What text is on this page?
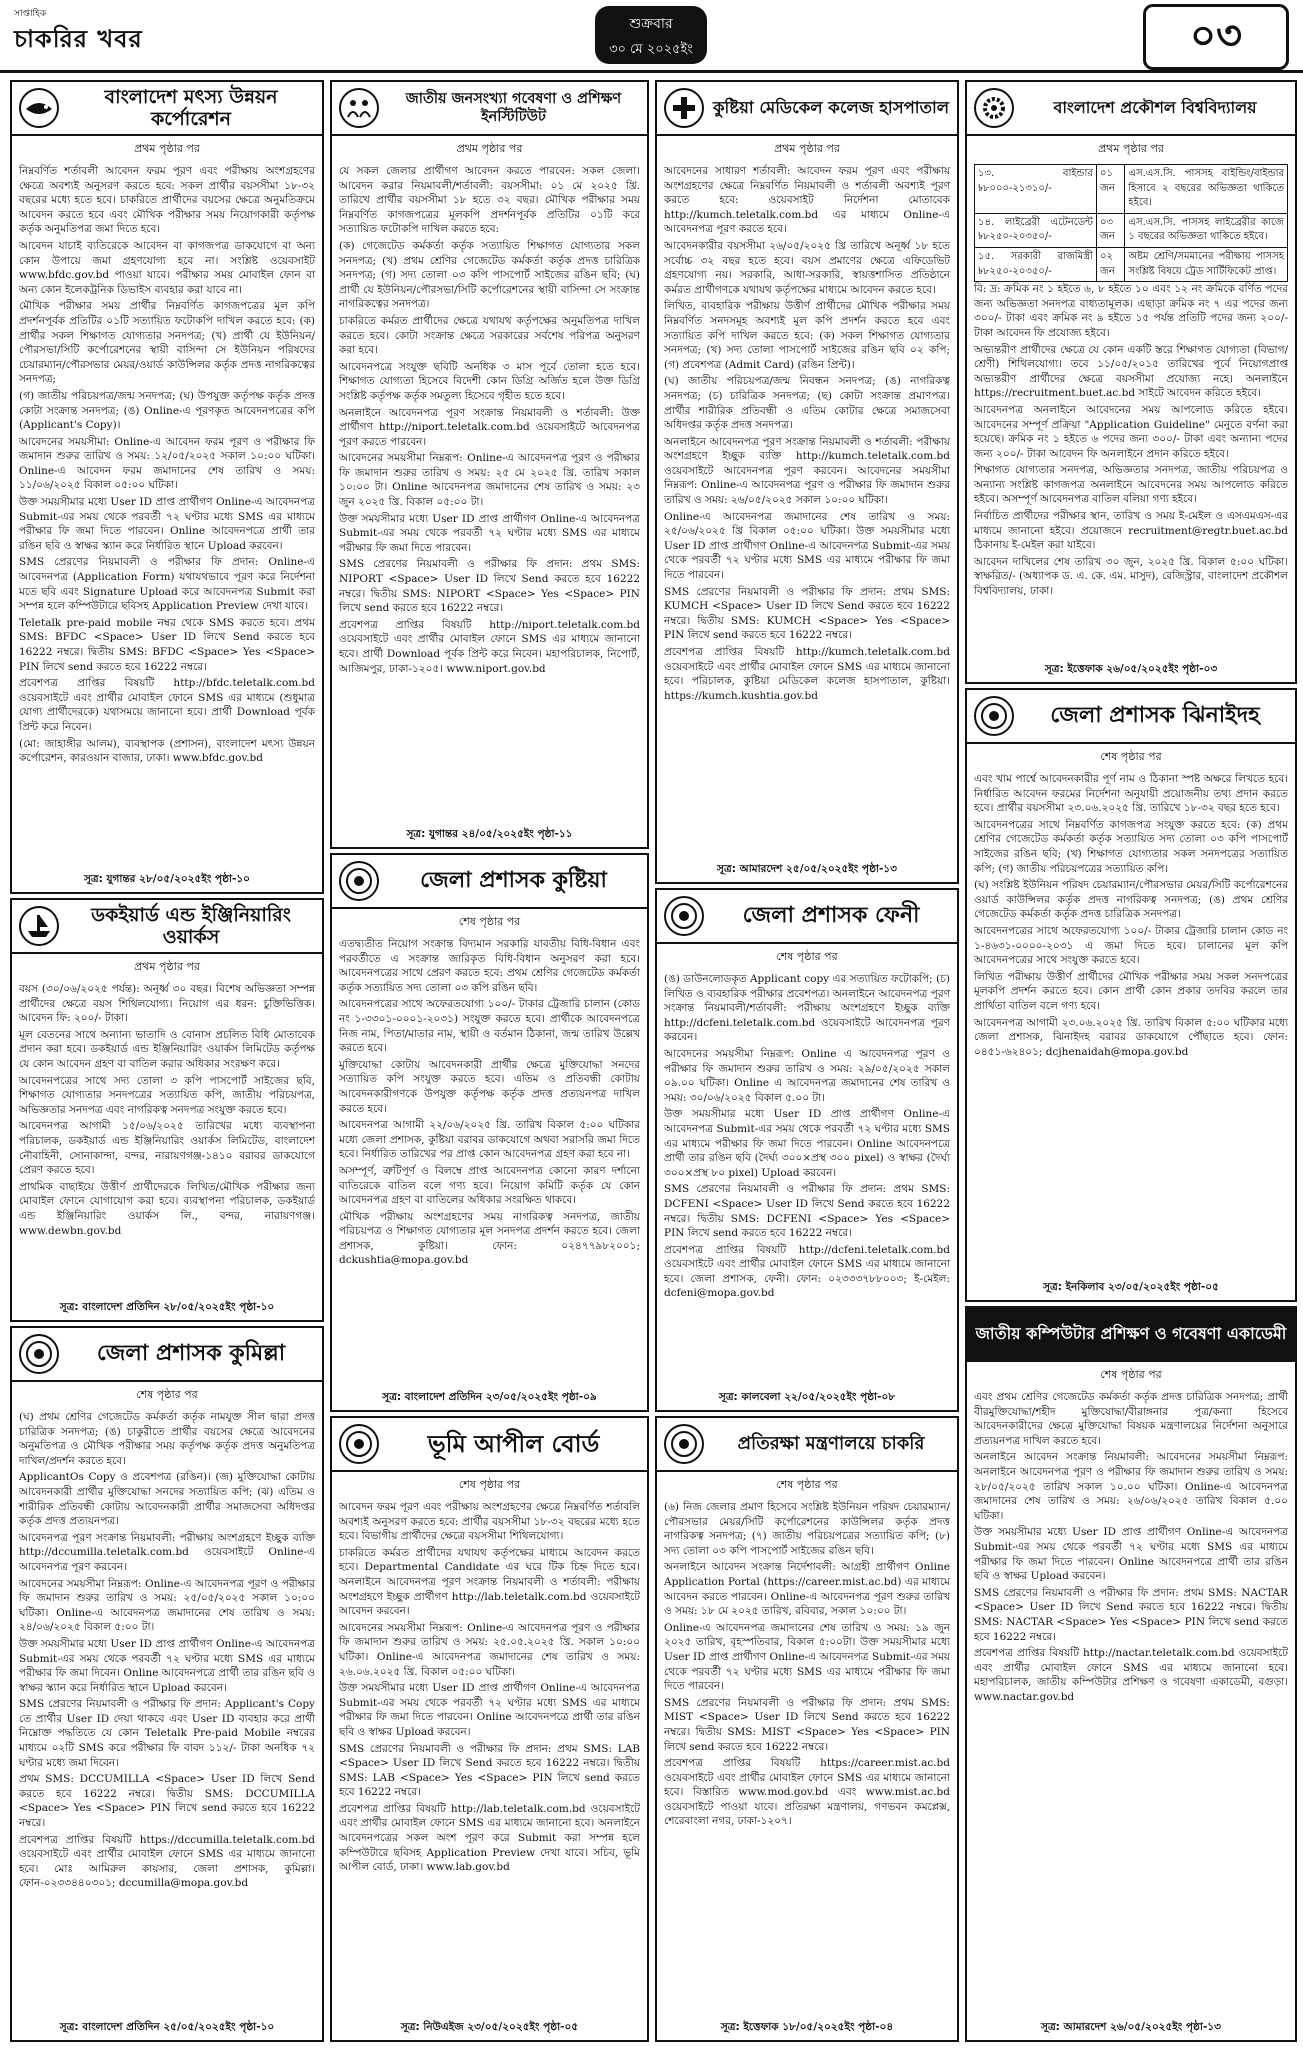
সাপ্তাহিক
চাকরির খবর
শুক্রবার
৩০ মে ২০২৫ইং	০৩
বাংলাদেশ মৎস্য উন্নয়ন কর্পোরেশন
প্রথম পৃষ্ঠার পর

নিম্নবর্ণিত শর্তাবলী আবেদন ফরম পূরণ এবং পরীক্ষায় অংশগ্রহণের ক্ষেত্রে অবশ্যই অনুসরণ করতে হবে: সকল প্রার্থীর বয়সসীমা ১৮-৩২ বছরের মধ্যে হতে হবে। চাকরিতে প্রার্থীদের বয়সের ক্ষেত্রে অনুমতিক্রমে আবেদন করতে হবে এবং মৌখিক পরীক্ষার সময় নিয়োগকারী কর্তৃপক্ষ কর্তৃক অনুমতিপত্র জমা দিতে হবে।

আবেদন যাচাই ব্যতিরেকে আবেদন বা কাগজপত্র ডাকযোগে বা অন্য কোন উপায়ে জমা গ্রহণযোগ্য হবে না। সংশ্লিষ্ট ওয়েবসাইট www.bfdc.gov.bd পাওয়া যাবে। পরীক্ষার সময় মোবাইল ফোন বা অন্য কোন ইলেকট্রনিক ডিভাইস ব্যবহার করা যাবে না।

মৌখিক পরীক্ষার সময় প্রার্থীর নিম্নবর্ণিত কাগজপত্রের মূল কপি প্রদর্শনপূর্বক প্রতিটির ০১টি সত্যায়িত ফটোকপি দাখিল করতে হবে: (ক) প্রার্থীর সকল শিক্ষাগত যোগ্যতার সনদপত্র; (খ) প্রার্থী যে ইউনিয়ন/পৌরসভা/সিটি কর্পোরেশনের স্থায়ী বাসিন্দা সে ইউনিয়ন পরিষদের চেয়ারম্যান/পৌরসভার মেয়র/ওয়ার্ড কাউন্সিলর কর্তৃক প্রদত্ত নাগরিকত্বের সনদপত্র;

(গ) জাতীয় পরিচয়পত্র/জন্ম সনদপত্র; (ঘ) উপযুক্ত কর্তৃপক্ষ কর্তৃক প্রদত্ত কোটা সংক্রান্ত সনদপত্র; (ঙ) Online-এ পূরণকৃত আবেদনপত্রের কপি (Applicant's Copy)।

আবেদনের সময়সীমা: Online-এ আবেদন ফরম পূরণ ও পরীক্ষার ফি জমাদান শুরুর তারিখ ও সময়: ১২/০৫/২০২৫ সকাল ১০:০০ ঘটিকা। Online-এ আবেদন ফরম জমাদানের শেষ তারিখ ও সময়: ১১/০৬/২০২৫ বিকাল ০৫:০০ ঘটিকা।

উক্ত সময়সীমার মধ্যে User ID প্রাপ্ত প্রার্থীগণ Online-এ আবেদনপত্র Submit-এর সময় থেকে পরবর্তী ৭২ ঘণ্টার মধ্যে SMS এর মাধ্যমে পরীক্ষার ফি জমা দিতে পারবেন। Online আবেদনপত্রে প্রার্থী তার রঙিন ছবি ও স্বাক্ষর স্ক্যান করে নির্ধারিত স্থানে Upload করবেন।

SMS প্রেরণের নিয়মাবলী ও পরীক্ষার ফি প্রদান: Online-এ আবেদনপত্র (Application Form) যথাযথভাবে পূরণ করে নির্দেশনা মতে ছবি এবং Signature Upload করে আবেদনপত্র Submit করা সম্পন্ন হলে কম্পিউটারে ছবিসহ Application Preview দেখা যাবে।

Teletalk pre-paid mobile নম্বর থেকে SMS করতে হবে। প্রথম SMS: BFDC <Space> User ID লিখে Send করতে হবে 16222 নম্বরে। দ্বিতীয় SMS: BFDC <Space> Yes <Space> PIN লিখে send করতে হবে 16222 নম্বরে।

প্রবেশপত্র প্রাপ্তির বিষয়টি http://bfdc.teletalk.com.bd ওয়েবসাইটে এবং প্রার্থীর মোবাইল ফোনে SMS এর মাধ্যমে (শুধুমাত্র যোগ্য প্রার্থীদেরকে) যথাসময়ে জানানো হবে। প্রার্থী Download পূর্বক প্রিন্ট করে নিবেন।

(মো: জাহাঙ্গীর আলম), ব্যবস্থাপক (প্রশাসন), বাংলাদেশ মৎস্য উন্নয়ন কর্পোরেশন, কারওয়ান বাজার, ঢাকা। www.bfdc.gov.bd

সূত্র: যুগান্তর ২৮/০৫/২০২৫ইং পৃষ্ঠা-১০
ডকইয়ার্ড এন্ড ইঞ্জিনিয়ারিং ওয়ার্কস
প্রথম পৃষ্ঠার পর

বয়স (৩০/০৬/২০২৫ পর্যন্ত): অনূর্ধ্ব ৩০ বছর। বিশেষ অভিজ্ঞতা সম্পন্ন প্রার্থীদের ক্ষেত্রে বয়স শিথিলযোগ্য। নিয়োগ এর ধরন: চুক্তিভিত্তিক। আবেদন ফি: ২০০/- টাকা।

মূল বেতনের সাথে অন্যান্য ভাতাদি ও বোনাস প্রচলিত বিধি মোতাবেক প্রদান করা হবে। ডকইয়ার্ড এন্ড ইঞ্জিনিয়ারিং ওয়ার্কস লিমিটেড কর্তৃপক্ষ যে কোন আবেদন গ্রহণ বা বাতিল করার অধিকার সংরক্ষণ করে।

আবেদনপত্রের সাথে সদ্য তোলা ৩ কপি পাসপোর্ট সাইজের ছবি, শিক্ষাগত যোগ্যতার সনদপত্রের সত্যায়িত কপি, জাতীয় পরিচয়পত্র, অভিজ্ঞতার সনদপত্র এবং নাগরিকত্ব সনদপত্র সংযুক্ত করতে হবে।

আবেদনপত্র আগামী ১৫/০৬/২০২৫ তারিখের মধ্যে ব্যবস্থাপনা পরিচালক, ডকইয়ার্ড এন্ড ইঞ্জিনিয়ারিং ওয়ার্কস লিমিটেড, বাংলাদেশ নৌবাহিনী, সোনাকান্দা, বন্দর, নারায়ণগঞ্জ-১৪১০ বরাবর ডাকযোগে প্রেরণ করতে হবে।

প্রাথমিক বাছাইয়ে উত্তীর্ণ প্রার্থীদেরকে লিখিত/মৌখিক পরীক্ষার জন্য মোবাইল ফোনে যোগাযোগ করা হবে। ব্যবস্থাপনা পরিচালক, ডকইয়ার্ড এন্ড ইঞ্জিনিয়ারিং ওয়ার্কস লি., বন্দর, নারায়ণগঞ্জ। www.dewbn.gov.bd

সূত্র: বাংলাদেশ প্রতিদিন ২৮/০৫/২০২৫ইং পৃষ্ঠা-১০
জেলা প্রশাসক কুমিল্লা
শেষ পৃষ্ঠার পর

(ঘ) প্রথম শ্রেণির গেজেটেড কর্মকর্তা কর্তৃক নামযুক্ত সীল দ্বারা প্রদত্ত চারিত্রিক সনদপত্র; (ঙ) চাকুরীতে প্রার্থীর বয়সের ক্ষেত্রে আবেদনের অনুমতিপত্র ও মৌখিক পরীক্ষার সময় কর্তৃপক্ষ কর্তৃক প্রদত্ত অনুমতিপত্র দাখিল/প্রদর্শন করতে হবে।

ApplicantOs Copy ও প্রবেশপত্র (রঙিন)। (জ) মুক্তিযোদ্ধা কোটায় আবেদনকারী প্রার্থীর মুক্তিযোদ্ধা সনদের সত্যায়িত কপি; (ঝ) এতিম ও শারীরিক প্রতিবন্ধী কোটায় আবেদনকারী প্রার্থীর সমাজসেবা অধিদপ্তর কর্তৃক প্রদত্ত প্রত্যয়নপত্র।

আবেদনপত্র পূরণ সংক্রান্ত নিয়মাবলী: পরীক্ষায় অংশগ্রহণে ইচ্ছুক ব্যক্তি http://dccumilla.teletalk.com.bd ওয়েবসাইটে Online-এ আবেদনপত্র পূরণ করবেন।

আবেদনের সময়সীমা নিম্নরূপ: Online-এ আবেদনপত্র পূরণ ও পরীক্ষার ফি জমাদান শুরুর তারিখ ও সময়: ২৫/০৫/২০২৫ সকাল ১০:০০ ঘটিকা। Online-এ আবেদনপত্র জমাদানের শেষ তারিখ ও সময়: ২৪/০৬/২০২৫ বিকাল ৫:০০ টা।

উক্ত সময়সীমার মধ্যে User ID প্রাপ্ত প্রার্থীগণ Online-এ আবেদনপত্র Submit-এর সময় থেকে পরবর্তী ৭২ ঘণ্টার মধ্যে SMS এর মাধ্যমে পরীক্ষার ফি জমা দিবেন। Online আবেদনপত্রে প্রার্থী তার রঙিন ছবি ও স্বাক্ষর স্ক্যান করে নির্ধারিত স্থানে Upload করবেন।

SMS প্রেরণের নিয়মাবলী ও পরীক্ষার ফি প্রদান: Applicant's Copy তে প্রার্থীর User ID দেয়া থাকবে এবং User ID ব্যবহার করে প্রার্থী নিম্নোক্ত পদ্ধতিতে যে কোন Teletalk Pre-paid Mobile নম্বরের মাধ্যমে ০২টি SMS করে পরীক্ষার ফি বাবদ ১১২/- টাকা অনধিক ৭২ ঘণ্টার মধ্যে জমা দিবেন।

প্রথম SMS: DCCUMILLA <Space> User ID লিখে Send করতে হবে 16222 নম্বরে। দ্বিতীয় SMS: DCCUMILLA <Space> Yes <Space> PIN লিখে send করতে হবে 16222 নম্বরে।

প্রবেশপত্র প্রাপ্তির বিষয়টি https://dccumilla.teletalk.com.bd ওয়েবসাইটে এবং প্রার্থীর মোবাইল ফোনে SMS এর মাধ্যমে জানানো হবে। মোঃ আমিরুল কায়সার, জেলা প্রশাসক, কুমিল্লা। ফোন-০২৩৩৪৪০৩০১; dccumilla@mopa.gov.bd

সূত্র: বাংলাদেশ প্রতিদিন ২৫/০৫/২০২৫ইং পৃষ্ঠা-১০
জাতীয় জনসংখ্যা গবেষণা ও প্রশিক্ষণ ইনস্টিটিউট
প্রথম পৃষ্ঠার পর

যে সকল জেলার প্রার্থীগণ আবেদন করতে পারবেন: সকল জেলা। আবেদন করার নিয়মাবলী/শর্তাবলী: বয়সসীমা: ০১ মে ২০২৫ খ্রি. তারিখে প্রার্থীর বয়সসীমা ১৮ হতে ৩২ বছর। মৌখিক পরীক্ষার সময় নিম্নবর্ণিত কাগজপত্রের মূলকপি প্রদর্শনপূর্বক প্রতিটির ০১টি করে সত্যায়িত ফটোকপি দাখিল করতে হবে:

(ক) গেজেটেড কর্মকর্তা কর্তৃক সত্যায়িত শিক্ষাগত যোগ্যতার সকল সনদপত্র; (খ) প্রথম শ্রেণির গেজেটেড কর্মকর্তা কর্তৃক প্রদত্ত চারিত্রিক সনদপত্র; (গ) সদ্য তোলা ০৩ কপি পাসপোর্ট সাইজের রঙিন ছবি; (ঘ) প্রার্থী যে ইউনিয়ন/পৌরসভা/সিটি কর্পোরেশনের স্থায়ী বাসিন্দা সে সংক্রান্ত নাগরিকত্বের সনদপত্র।

চাকরিতে কর্মরত প্রার্থীদের ক্ষেত্রে যথাযথ কর্তৃপক্ষের অনুমতিপত্র দাখিল করতে হবে। কোটা সংক্রান্ত ক্ষেত্রে সরকারের সর্বশেষ পরিপত্র অনুসরণ করা হবে।

আবেদনপত্রে সংযুক্ত ছবিটি অনধিক ৩ মাস পূর্বে তোলা হতে হবে। শিক্ষাগত যোগ্যতা হিসেবে বিদেশী কোন ডিগ্রি অর্জিত হলে উক্ত ডিগ্রি সংশ্লিষ্ট কর্তৃপক্ষ কর্তৃক সমতুল্য হিসেবে গৃহীত হতে হবে।

অনলাইনে আবেদনপত্র পূরণ সংক্রান্ত নিয়মাবলী ও শর্তাবলী: উক্ত প্রার্থীগণ http://niport.teletalk.com.bd ওয়েবসাইটে আবেদনপত্র পূরণ করতে পারবেন।

আবেদনের সময়সীমা নিম্নরূপ: Online-এ আবেদনপত্র পূরণ ও পরীক্ষার ফি জমাদান শুরুর তারিখ ও সময়: ২৫ মে ২০২৫ খ্রি. তারিখ সকাল ১০:০০ টা। Online আবেদনপত্র জমাদানের শেষ তারিখ ও সময়: ২৩ জুন ২০২৫ খ্রি. বিকাল ০৫:০০ টা।

উক্ত সময়সীমার মধ্যে User ID প্রাপ্ত প্রার্থীগণ Online-এ আবেদনপত্র Submit-এর সময় থেকে পরবর্তী ৭২ ঘণ্টার মধ্যে SMS এর মাধ্যমে পরীক্ষার ফি জমা দিতে পারবেন।

SMS প্রেরণের নিয়মাবলী ও পরীক্ষার ফি প্রদান: প্রথম SMS: NIPORT <Space> User ID লিখে Send করতে হবে 16222 নম্বরে। দ্বিতীয় SMS: NIPORT <Space> Yes <Space> PIN লিখে send করতে হবে 16222 নম্বরে।

প্রবেশপত্র প্রাপ্তির বিষয়টি http://niport.teletalk.com.bd ওয়েবসাইটে এবং প্রার্থীর মোবাইল ফোনে SMS এর মাধ্যমে জানানো হবে। প্রার্থী Download পূর্বক প্রিন্ট করে নিবেন। মহাপরিচালক, নিপোর্ট, আজিমপুর, ঢাকা-১২০৫। www.niport.gov.bd

সূত্র: যুগান্তর ২৪/০৫/২০২৫ইং পৃষ্ঠা-১১
জেলা প্রশাসক কুষ্টিয়া
শেষ পৃষ্ঠার পর

এতদ্ব্যতীত নিয়োগ সংক্রান্ত বিদ্যমান সরকারি যাবতীয় বিধি-বিধান এবং পরবর্তীতে এ সংক্রান্ত জারিকৃত বিধি-বিধান অনুসরণ করা হবে। আবেদনপত্রের সাথে প্রেরণ করতে হবে: প্রথম শ্রেণির গেজেটেড কর্মকর্তা কর্তৃক সত্যায়িত সদ্য তোলা ০৩ কপি রঙিন ছবি।

আবেদনপত্রের সাথে অফেরতযোগ্য ১০০/- টাকার ট্রেজারি চালান (কোড নং ১-৩৩০১-০০০১-২০৩১) সংযুক্ত করতে হবে। প্রার্থীকে আবেদনপত্রে নিজ নাম, পিতা/মাতার নাম, স্থায়ী ও বর্তমান ঠিকানা, জন্ম তারিখ উল্লেখ করতে হবে।

মুক্তিযোদ্ধা কোটায় আবেদনকারী প্রার্থীর ক্ষেত্রে মুক্তিযোদ্ধা সনদের সত্যায়িত কপি সংযুক্ত করতে হবে। এতিম ও প্রতিবন্ধী কোটায় আবেদনকারীগণকে উপযুক্ত কর্তৃপক্ষ কর্তৃক প্রদত্ত প্রত্যয়নপত্র দাখিল করতে হবে।

আবেদনপত্র আগামী ২২/০৬/২০২৫ খ্রি. তারিখ বিকাল ৫:০০ ঘটিকার মধ্যে জেলা প্রশাসক, কুষ্টিয়া বরাবর ডাকযোগে অথবা সরাসরি জমা দিতে হবে। নির্ধারিত তারিখের পর প্রাপ্ত কোন আবেদনপত্র গ্রহণ করা হবে না।

অসম্পূর্ণ, ত্রুটিপূর্ণ ও বিলম্বে প্রাপ্ত আবেদনপত্র কোনো কারণ দর্শানো ব্যতিরেকে বাতিল বলে গণ্য হবে। নিয়োগ কমিটি কর্তৃক যে কোন আবেদনপত্র গ্রহণ বা বাতিলের অধিকার সংরক্ষিত থাকবে।

মৌখিক পরীক্ষায় অংশগ্রহণের সময় নাগরিকত্ব সনদপত্র, জাতীয় পরিচয়পত্র ও শিক্ষাগত যোগ্যতার মূল সনদপত্র প্রদর্শন করতে হবে। জেলা প্রশাসক, কুষ্টিয়া। ফোন: ০২৪৭৭৯৮২০০১; dckushtia@mopa.gov.bd

সূত্র: বাংলাদেশ প্রতিদিন ২৩/০৫/২০২৫ইং পৃষ্ঠা-০৯
ভূমি আপীল বোর্ড
শেষ পৃষ্ঠার পর

আবেদন ফরম পূরণ এবং পরীক্ষায় অংশগ্রহণের ক্ষেত্রে নিম্নবর্ণিত শর্তাবলি অবশ্যই অনুসরণ করতে হবে: প্রার্থীর বয়সসীমা ১৮-৩২ বছরের মধ্যে হতে হবে। বিভাগীয় প্রার্থীদের ক্ষেত্রে বয়সসীমা শিথিলযোগ্য।

চাকরিতে কর্মরত প্রার্থীদের যথাযথ কর্তৃপক্ষের মাধ্যমে আবেদন করতে হবে। Departmental Candidate এর ঘরে টিক চিহ্ন দিতে হবে। অনলাইনে আবেদনপত্র পূরণ সংক্রান্ত নিয়মাবলী ও শর্তাবলী: পরীক্ষায় অংশগ্রহণে ইচ্ছুক প্রার্থীগণ http://lab.teletalk.com.bd ওয়েবসাইটে আবেদন করবেন।

আবেদনের সময়সীমা নিম্নরূপ: Online-এ আবেদনপত্র পূরণ ও পরীক্ষার ফি জমাদান শুরুর তারিখ ও সময়: ২৫.০৫.২০২৫ খ্রি. সকাল ১০:০০ ঘটিকা। Online-এ আবেদনপত্র জমাদানের শেষ তারিখ ও সময়: ২৬.০৬.২০২৫ খ্রি. বিকাল ০৫:০০ ঘটিকা।

উক্ত সময়সীমার মধ্যে User ID প্রাপ্ত প্রার্থীগণ Online-এ আবেদনপত্র Submit-এর সময় থেকে পরবর্তী ৭২ ঘণ্টার মধ্যে SMS এর মাধ্যমে পরীক্ষার ফি জমা দিতে পারবেন। Online আবেদনপত্রে প্রার্থী তার রঙিন ছবি ও স্বাক্ষর Upload করবেন।

SMS প্রেরণের নিয়মাবলী ও পরীক্ষার ফি প্রদান: প্রথম SMS: LAB <Space> User ID লিখে Send করতে হবে 16222 নম্বরে। দ্বিতীয় SMS: LAB <Space> Yes <Space> PIN লিখে send করতে হবে 16222 নম্বরে।

প্রবেশপত্র প্রাপ্তির বিষয়টি http://lab.teletalk.com.bd ওয়েবসাইটে এবং প্রার্থীর মোবাইল ফোনে SMS এর মাধ্যমে জানানো হবে। অনলাইনে আবেদনপত্রের সকল অংশ পূরণ করে Submit করা সম্পন্ন হলে কম্পিউটারে ছবিসহ Application Preview দেখা যাবে। সচিব, ভূমি আপীল বোর্ড, ঢাকা। www.lab.gov.bd

সূত্র: নিউএইজ ২৩/০৫/২০২৫ইং পৃষ্ঠা-০৫
কুষ্টিয়া মেডিকেল কলেজ হাসপাতাল
প্রথম পৃষ্ঠার পর

আবেদনের সাধারণ শর্তাবলী: আবেদন ফরম পূরণ এবং পরীক্ষায় অংশগ্রহণের ক্ষেত্রে নিম্নবর্ণিত নিয়মাবলী ও শর্তাবলী অবশ্যই পূরণ করতে হবে: ওয়েবসাইট নির্দেশনা মোতাবেক http://kumch.teletalk.com.bd এর মাধ্যমে Online-এ আবেদনপত্র পূরণ করতে হবে।

আবেদনকারীর বয়সসীমা ২৬/০৫/২০২৫ খ্রি তারিখে অনূর্ধ্ব ১৮ হতে সর্বোচ্চ ৩২ বছর হতে হবে। বয়স প্রমাণের ক্ষেত্রে এফিডেভিট গ্রহণযোগ্য নয়। সরকারি, আধা-সরকারি, স্বায়ত্তশাসিত প্রতিষ্ঠানে কর্মরত প্রার্থীগণকে যথাযথ কর্তৃপক্ষের মাধ্যমে আবেদন করতে হবে।

লিখিত, ব্যবহারিক পরীক্ষায় উত্তীর্ণ প্রার্থীদের মৌখিক পরীক্ষার সময় নিম্নবর্ণিত সনদসমূহ অবশ্যই মূল কপি প্রদর্শন করতে হবে এবং সত্যায়িত কপি দাখিল করতে হবে: (ক) সকল শিক্ষাগত যোগ্যতার সনদপত্র; (খ) সদ্য তোলা পাসপোর্ট সাইজের রঙিন ছবি ০২ কপি; (গ) প্রবেশপত্র (Admit Card) (রঙিন প্রিন্ট)।

(ঘ) জাতীয় পরিচয়পত্র/জন্ম নিবন্ধন সনদপত্র; (ঙ) নাগরিকত্ব সনদপত্র; (চ) চারিত্রিক সনদপত্র; (ছ) কোটা সংক্রান্ত প্রমাণপত্র। প্রার্থীর শারীরিক প্রতিবন্ধী ও এতিম কোটার ক্ষেত্রে সমাজসেবা অধিদপ্তর কর্তৃক প্রদত্ত সনদপত্র।

অনলাইনে আবেদনপত্র পূরণ সংক্রান্ত নিয়মাবলী ও শর্তাবলী: পরীক্ষায় অংশগ্রহণে ইচ্ছুক ব্যক্তি http://kumch.teletalk.com.bd ওয়েবসাইটে আবেদনপত্র পূরণ করবেন। আবেদনের সময়সীমা নিম্নরূপ: Online-এ আবেদনপত্র পূরণ ও পরীক্ষার ফি জমাদান শুরুর তারিখ ও সময়: ২৬/০৫/২০২৫ সকাল ১০:০০ ঘটিকা।

Online-এ আবেদনপত্র জমাদানের শেষ তারিখ ও সময়: ২৫/০৬/২০২৫ খ্রি বিকাল ০৫:০০ ঘটিকা। উক্ত সময়সীমার মধ্যে User ID প্রাপ্ত প্রার্থীগণ Online-এ আবেদনপত্র Submit-এর সময় থেকে পরবর্তী ৭২ ঘণ্টার মধ্যে SMS এর মাধ্যমে পরীক্ষার ফি জমা দিতে পারবেন।

SMS প্রেরণের নিয়মাবলী ও পরীক্ষার ফি প্রদান: প্রথম SMS: KUMCH <Space> User ID লিখে Send করতে হবে 16222 নম্বরে। দ্বিতীয় SMS: KUMCH <Space> Yes <Space> PIN লিখে send করতে হবে 16222 নম্বরে।

প্রবেশপত্র প্রাপ্তির বিষয়টি http://kumch.teletalk.com.bd ওয়েবসাইটে এবং প্রার্থীর মোবাইল ফোনে SMS এর মাধ্যমে জানানো হবে। পরিচালক, কুষ্টিয়া মেডিকেল কলেজ হাসপাতাল, কুষ্টিয়া। https://kumch.kushtia.gov.bd

সূত্র: আমারদেশ ২৫/০৫/২০২৫ইং পৃষ্ঠা-১৩
জেলা প্রশাসক ফেনী
শেষ পৃষ্ঠার পর

(ঙ) ডাউনলোডকৃত Applicant copy এর সত্যায়িত ফটোকপি; (চ) লিখিত ও ব্যবহারিক পরীক্ষার প্রবেশপত্র। অনলাইনে আবেদনপত্র পূরণ সংক্রান্ত নিয়মাবলী/শর্তাবলী: পরীক্ষায় অংশগ্রহণে ইচ্ছুক ব্যক্তি http://dcfeni.teletalk.com.bd ওয়েবসাইটে আবেদনপত্র পূরণ করবেন।

আবেদনের সময়সীমা নিম্নরূপ: Online এ আবেদনপত্র পূরণ ও পরীক্ষার ফি জমাদান শুরুর তারিখ ও সময়: ২৯/০৫/২০২৫ সকাল ০৯.০০ ঘটিকা। Online এ আবেদনপত্র জমাদানের শেষ তারিখ ও সময়: ৩০/০৬/২০২৫ বিকাল ৫.০০ টা।

উক্ত সময়সীমার মধ্যে User ID প্রাপ্ত প্রার্থীগণ Online-এ আবেদনপত্র Submit-এর সময় থেকে পরবর্তী ৭২ ঘণ্টার মধ্যে SMS এর মাধ্যমে পরীক্ষার ফি জমা দিতে পারবেন। Online আবেদনপত্রে প্রার্থী তার রঙিন ছবি (দৈর্ঘ্য ৩০০×প্রস্থ ৩০০ pixel) ও স্বাক্ষর (দৈর্ঘ্য ৩০০×প্রস্থ ৮০ pixel) Upload করবেন।

SMS প্রেরণের নিয়মাবলী ও পরীক্ষার ফি প্রদান: প্রথম SMS: DCFENI <Space> User ID লিখে Send করতে হবে 16222 নম্বরে। দ্বিতীয় SMS: DCFENI <Space> Yes <Space> PIN লিখে send করতে হবে 16222 নম্বরে।

প্রবেশপত্র প্রাপ্তির বিষয়টি http://dcfeni.teletalk.com.bd ওয়েবসাইটে এবং প্রার্থীর মোবাইল ফোনে SMS এর মাধ্যমে জানানো হবে। জেলা প্রশাসক, ফেনী। ফোন: ০২৩৩৩৭৮৮০০৩; ই-মেইল: dcfeni@mopa.gov.bd

সূত্র: কালবেলা ২২/০৫/২০২৫ইং পৃষ্ঠা-০৮
প্রতিরক্ষা মন্ত্রণালয়ে চাকরি
শেষ পৃষ্ঠার পর

(৬) নিজ জেলার প্রমাণ হিসেবে সংশ্লিষ্ট ইউনিয়ন পরিষদ চেয়ারম্যান/পৌরসভার মেয়র/সিটি কর্পোরেশনের কাউন্সিলর কর্তৃক প্রদত্ত নাগরিকত্ব সনদপত্র; (৭) জাতীয় পরিচয়পত্রের সত্যায়িত কপি; (৮) সদ্য তোলা ০৩ কপি পাসপোর্ট সাইজের রঙিন ছবি।

অনলাইনে আবেদন সংক্রান্ত নির্দেশাবলী: আগ্রহী প্রার্থীগণ Online Application Portal (https://career.mist.ac.bd) এর মাধ্যমে আবেদন করতে পারবেন। Online-এ আবেদনপত্র পূরণ শুরুর তারিখ ও সময়: ১৮ মে ২০২৫ তারিখ, রবিবার, সকাল ১০:০০ টা।

Online-এ আবেদনপত্র জমাদানের শেষ তারিখ ও সময়: ১৯ জুন ২০২৫ তারিখ, বৃহস্পতিবার, বিকাল ৫:০০টা। উক্ত সময়সীমার মধ্যে User ID প্রাপ্ত প্রার্থীগণ Online-এ আবেদনপত্র Submit-এর সময় থেকে পরবর্তী ৭২ ঘণ্টার মধ্যে SMS এর মাধ্যমে পরীক্ষার ফি জমা দিতে পারবেন।

SMS প্রেরণের নিয়মাবলী ও পরীক্ষার ফি প্রদান: প্রথম SMS: MIST <Space> User ID লিখে Send করতে হবে 16222 নম্বরে। দ্বিতীয় SMS: MIST <Space> Yes <Space> PIN লিখে send করতে হবে 16222 নম্বরে।

প্রবেশপত্র প্রাপ্তির বিষয়টি https://career.mist.ac.bd ওয়েবসাইটে এবং প্রার্থীর মোবাইল ফোনে SMS এর মাধ্যমে জানানো হবে। বিস্তারিত www.mod.gov.bd এবং www.mist.ac.bd ওয়েবসাইটে পাওয়া যাবে। প্রতিরক্ষা মন্ত্রণালয়, গণভবন কমপ্লেক্স, শেরেবাংলা নগর, ঢাকা-১২০৭।

সূত্র: ইত্তেফাক ১৮/০৫/২০২৫ইং পৃষ্ঠা-০৪
বাংলাদেশ প্রকৌশল বিশ্ববিদ্যালয়
প্রথম পৃষ্ঠার পর
১৩. বাইন্ডার ৳৮০০০-২১৩১০/-	০১ জন	এস.এস.সি. পাসসহ বাইন্ডিং/বাইন্ডার হিসাবে ২ বছরের অভিজ্ঞতা থাকিতে হইবে।
১৪. লাইব্রেরী এটেনডেন্ট ৳৮২৫০-২০৩৫০/-	০৩ জন	এস.এস.সি. পাসসহ লাইব্রেরীর কাজে ১ বছরের অভিজ্ঞতা থাকিতে হইবে।
১৫. সরকারী রাজমিস্ত্রী ৳৮২৫০-২০৩৫০/-	০২ জন	অষ্টম শ্রেণি/সমমানের পরীক্ষায় পাসসহ সংশ্লিষ্ট বিষয়ে ট্রেড সার্টিফিকেট প্রাপ্ত।

বি: দ্র: ক্রমিক নং ১ হইতে ৬, ৮ হইতে ১০ এবং ১২ নং ক্রমিকে বর্ণিত পদের জন্য অভিজ্ঞতা সনদপত্র বাধ্যতামূলক। এছাড়া ক্রমিক নং ৭ এর পদের জন্য ৩০০/- টাকা এবং ক্রমিক নং ৯ হইতে ১৫ পর্যন্ত প্রতিটি পদের জন্য ২০০/- টাকা আবেদন ফি প্রযোজ্য হইবে।

অভ্যন্তরীণ প্রার্থীদের ক্ষেত্রে যে কোন একটি স্তরে শিক্ষাগত যোগ্যতা (বিভাগ/শ্রেণী) শিথিলযোগ্য। তবে ১১/০৫/২০১৫ তারিখের পূর্বে নিয়োগপ্রাপ্ত অভ্যন্তরীণ প্রার্থীদের ক্ষেত্রে বয়সসীমা প্রযোজ্য নহে। অনলাইনে https://recruitment.buet.ac.bd সাইটে আবেদন করিতে হইবে।

আবেদনপত্র অনলাইনে আবেদনের সময় আপলোড করিতে হইবে। আবেদনের সম্পূর্ণ প্রক্রিয়া "Application Guideline" মেনুতে বর্ণনা করা হয়েছে। ক্রমিক নং ১ হইতে ৬ পদের জন্য ৩০০/- টাকা এবং অন্যান্য পদের জন্য ২০০/- টাকা আবেদন ফি অনলাইনে প্রদান করিতে হইবে।

শিক্ষাগত যোগ্যতার সনদপত্র, অভিজ্ঞতার সনদপত্র, জাতীয় পরিচয়পত্র ও অন্যান্য সংশ্লিষ্ট কাগজপত্র অনলাইনে আবেদনের সময় আপলোড করিতে হইবে। অসম্পূর্ণ আবেদনপত্র বাতিল বলিয়া গণ্য হইবে।

নির্বাচিত প্রার্থীদের পরীক্ষার স্থান, তারিখ ও সময় ই-মেইল ও এসএমএস-এর মাধ্যমে জানানো হইবে। প্রয়োজনে recruitment@regtr.buet.ac.bd ঠিকানায় ই-মেইল করা যাইবে।

আবেদন দাখিলের শেষ তারিখ ৩০ জুন, ২০২৫ খ্রি. বিকাল ৫:০০ ঘটিকা। স্বাক্ষরিত/- (অধ্যাপক ড. এ. কে. এম. মাসুদ), রেজিস্ট্রার, বাংলাদেশ প্রকৌশল বিশ্ববিদ্যালয়, ঢাকা।

সূত্র: ইত্তেফাক ২৬/০৫/২০২৫ইং পৃষ্ঠা-০৩
জেলা প্রশাসক ঝিনাইদহ
শেষ পৃষ্ঠার পর

এবং খাম পার্শ্বে আবেদনকারীর পূর্ণ নাম ও ঠিকানা স্পষ্ট অক্ষরে লিখতে হবে। নির্ধারিত আবেদন ফরমের নির্দেশনা অনুযায়ী প্রয়োজনীয় তথ্য প্রদান করতে হবে। প্রার্থীর বয়সসীমা ২৩.০৬.২০২৫ খ্রি. তারিখে ১৮-৩২ বছর হতে হবে।

আবেদনপত্রের সাথে নিম্নবর্ণিত কাগজপত্র সংযুক্ত করতে হবে: (ক) প্রথম শ্রেণির গেজেটেড কর্মকর্তা কর্তৃক সত্যায়িত সদ্য তোলা ০৩ কপি পাসপোর্ট সাইজের রঙিন ছবি; (খ) শিক্ষাগত যোগ্যতার সকল সনদপত্রের সত্যায়িত কপি; (গ) জাতীয় পরিচয়পত্রের সত্যায়িত কপি।

(ঘ) সংশ্লিষ্ট ইউনিয়ন পরিষদ চেয়ারম্যান/পৌরসভার মেয়র/সিটি কর্পোরেশনের ওয়ার্ড কাউন্সিলর কর্তৃক প্রদত্ত নাগরিকত্ব সনদপত্র; (ঙ) প্রথম শ্রেণির গেজেটেড কর্মকর্তা কর্তৃক প্রদত্ত চারিত্রিক সনদপত্র।

আবেদনপত্রের সাথে অফেরতযোগ্য ১০০/- টাকার ট্রেজারি চালান কোড নং ১-৪৬৩১-০০০০-২০৩১ এ জমা দিতে হবে। চালানের মূল কপি আবেদনপত্রের সাথে সংযুক্ত করতে হবে।

লিখিত পরীক্ষায় উত্তীর্ণ প্রার্থীদের মৌখিক পরীক্ষার সময় সকল সনদপত্রের মূলকপি প্রদর্শন করতে হবে। কোন প্রার্থী কোন প্রকার তদবির করলে তার প্রার্থিতা বাতিল বলে গণ্য হবে।

আবেদনপত্র আগামী ২৩.০৬.২০২৫ খ্রি. তারিখ বিকাল ৫:০০ ঘটিকার মধ্যে জেলা প্রশাসক, ঝিনাইদহ বরাবর ডাকযোগে পৌঁছাতে হবে। ফোন: ০৪৫১-৬২৪০১; dcjhenaidah@mopa.gov.bd

সূত্র: ইনকিলাব ২৩/০৫/২০২৫ইং পৃষ্ঠা-০৫
জাতীয় কম্পিউটার প্রশিক্ষণ ও গবেষণা একাডেমী
শেষ পৃষ্ঠার পর

এবং প্রথম শ্রেণির গেজেটেড কর্মকর্তা কর্তৃক প্রদত্ত চারিত্রিক সনদপত্র; প্রার্থী বীরমুক্তিযোদ্ধা/শহীদ মুক্তিযোদ্ধা/বীরাঙ্গনার পুত্র/কন্যা হিসেবে আবেদনকারীদের ক্ষেত্রে মুক্তিযোদ্ধা বিষয়ক মন্ত্রণালয়ের নির্দেশনা অনুসারে প্রত্যয়নপত্র দাখিল করতে হবে।

অনলাইনে আবেদন সংক্রান্ত নিয়মাবলী: আবেদনের সময়সীমা নিম্নরূপ: অনলাইনে আবেদনপত্র পূরণ ও পরীক্ষার ফি জমাদান শুরুর তারিখ ও সময়: ২৮/০৫/২০২৫ তারিখ সকাল ১০.০০ ঘটিকা। Online-এ আবেদনপত্র জমাদানের শেষ তারিখ ও সময়: ২৬/০৬/২০২৫ তারিখ বিকাল ৫.০০ ঘটিকা।

উক্ত সময়সীমার মধ্যে User ID প্রাপ্ত প্রার্থীগণ Online-এ আবেদনপত্র Submit-এর সময় থেকে পরবর্তী ৭২ ঘণ্টার মধ্যে SMS এর মাধ্যমে পরীক্ষার ফি জমা দিতে পারবেন। Online আবেদনপত্রে প্রার্থী তার রঙিন ছবি ও স্বাক্ষর Upload করবেন।

SMS প্রেরণের নিয়মাবলী ও পরীক্ষার ফি প্রদান: প্রথম SMS: NACTAR <Space> User ID লিখে Send করতে হবে 16222 নম্বরে। দ্বিতীয় SMS: NACTAR <Space> Yes <Space> PIN লিখে send করতে হবে 16222 নম্বরে।

প্রবেশপত্র প্রাপ্তির বিষয়টি http://nactar.teletalk.com.bd ওয়েবসাইটে এবং প্রার্থীর মোবাইল ফোনে SMS এর মাধ্যমে জানানো হবে। মহাপরিচালক, জাতীয় কম্পিউটার প্রশিক্ষণ ও গবেষণা একাডেমী, বগুড়া। www.nactar.gov.bd

সূত্র: আমারদেশ ২৬/০৫/২০২৫ইং পৃষ্ঠা-১৩
